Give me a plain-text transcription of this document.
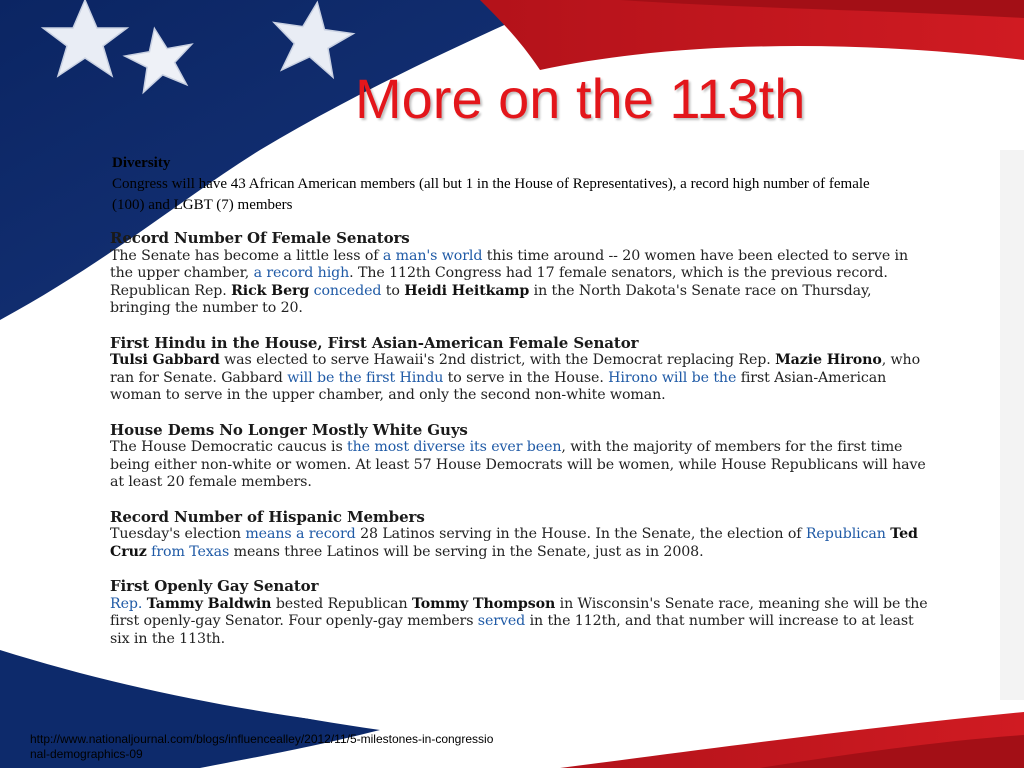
More on the 113th
Diversity
Congress will have 43 African American members (all but 1 in the House of Representatives), a record high number of female (100) and LGBT (7) members
Record Number Of Female Senators
The Senate has become a little less of a man's world this time around -- 20 women have been elected to serve in the upper chamber, a record high. The 112th Congress had 17 female senators, which is the previous record. Republican Rep. Rick Berg conceded to Heidi Heitkamp in the North Dakota's Senate race on Thursday, bringing the number to 20.
First Hindu in the House, First Asian-American Female Senator
Tulsi Gabbard was elected to serve Hawaii's 2nd district, with the Democrat replacing Rep. Mazie Hirono, who ran for Senate. Gabbard will be the first Hindu to serve in the House. Hirono will be the first Asian-American woman to serve in the upper chamber, and only the second non-white woman.
House Dems No Longer Mostly White Guys
The House Democratic caucus is the most diverse its ever been, with the majority of members for the first time being either non-white or women. At least 57 House Democrats will be women, while House Republicans will have at least 20 female members.
Record Number of Hispanic Members
Tuesday's election means a record 28 Latinos serving in the House. In the Senate, the election of Republican Ted Cruz from Texas means three Latinos will be serving in the Senate, just as in 2008.
First Openly Gay Senator
Rep. Tammy Baldwin bested Republican Tommy Thompson in Wisconsin's Senate race, meaning she will be the first openly-gay Senator. Four openly-gay members served in the 112th, and that number will increase to at least six in the 113th.
http://www.nationaljournal.com/blogs/influencealley/2012/11/5-milestones-in-congressional-demographics-09
